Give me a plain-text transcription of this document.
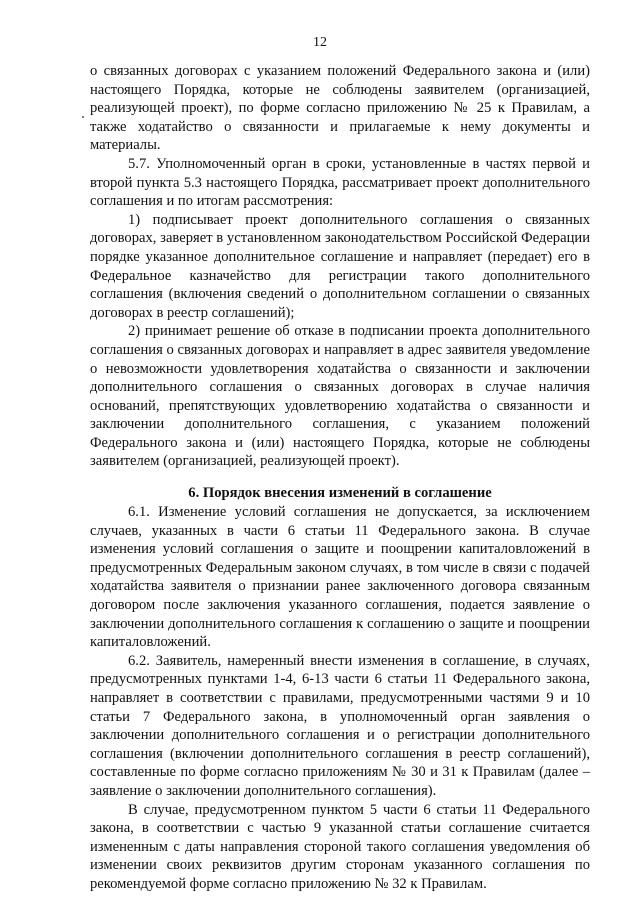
12

о связанных договорах с указанием положений Федерального закона и (или) настоящего Порядка, которые не соблюдены заявителем (организацией, реализующей проект), по форме согласно приложению № 25 к Правилам, а также ходатайство о связанности и прилагаемые к нему документы и материалы.

5.7. Уполномоченный орган в сроки, установленные в частях первой и второй пункта 5.3 настоящего Порядка, рассматривает проект дополнительного соглашения и по итогам рассмотрения:

1) подписывает проект дополнительного соглашения о связанных договорах, заверяет в установленном законодательством Российской Федерации порядке указанное дополнительное соглашение и направляет (передает) его в Федеральное казначейство для регистрации такого дополнительного соглашения (включения сведений о дополнительном соглашении о связанных договорах в реестр соглашений);

2) принимает решение об отказе в подписании проекта дополнительного соглашения о связанных договорах и направляет в адрес заявителя уведомление о невозможности удовлетворения ходатайства о связанности и заключении дополнительного соглашения о связанных договорах в случае наличия оснований, препятствующих удовлетворению ходатайства о связанности и заключении дополнительного соглашения, с указанием положений Федерального закона и (или) настоящего Порядка, которые не соблюдены заявителем (организацией, реализующей проект).

6. Порядок внесения изменений в соглашение

6.1. Изменение условий соглашения не допускается, за исключением случаев, указанных в части 6 статьи 11 Федерального закона. В случае изменения условий соглашения о защите и поощрении капиталовложений в предусмотренных Федеральным законом случаях, в том числе в связи с подачей ходатайства заявителя о признании ранее заключенного договора связанным договором после заключения указанного соглашения, подается заявление о заключении дополнительного соглашения к соглашению о защите и поощрении капиталовложений.

6.2. Заявитель, намеренный внести изменения в соглашение, в случаях, предусмотренных пунктами 1-4, 6-13 части 6 статьи 11 Федерального закона, направляет в соответствии с правилами, предусмотренными частями 9 и 10 статьи 7 Федерального закона, в уполномоченный орган заявления о заключении дополнительного соглашения и о регистрации дополнительного соглашения (включении дополнительного соглашения в реестр соглашений), составленные по форме согласно приложениям № 30 и 31 к Правилам (далее – заявление о заключении дополнительного соглашения).

В случае, предусмотренном пунктом 5 части 6 статьи 11 Федерального закона, в соответствии с частью 9 указанной статьи соглашение считается измененным с даты направления стороной такого соглашения уведомления об изменении своих реквизитов другим сторонам указанного соглашения по рекомендуемой форме согласно приложению № 32 к Правилам.
